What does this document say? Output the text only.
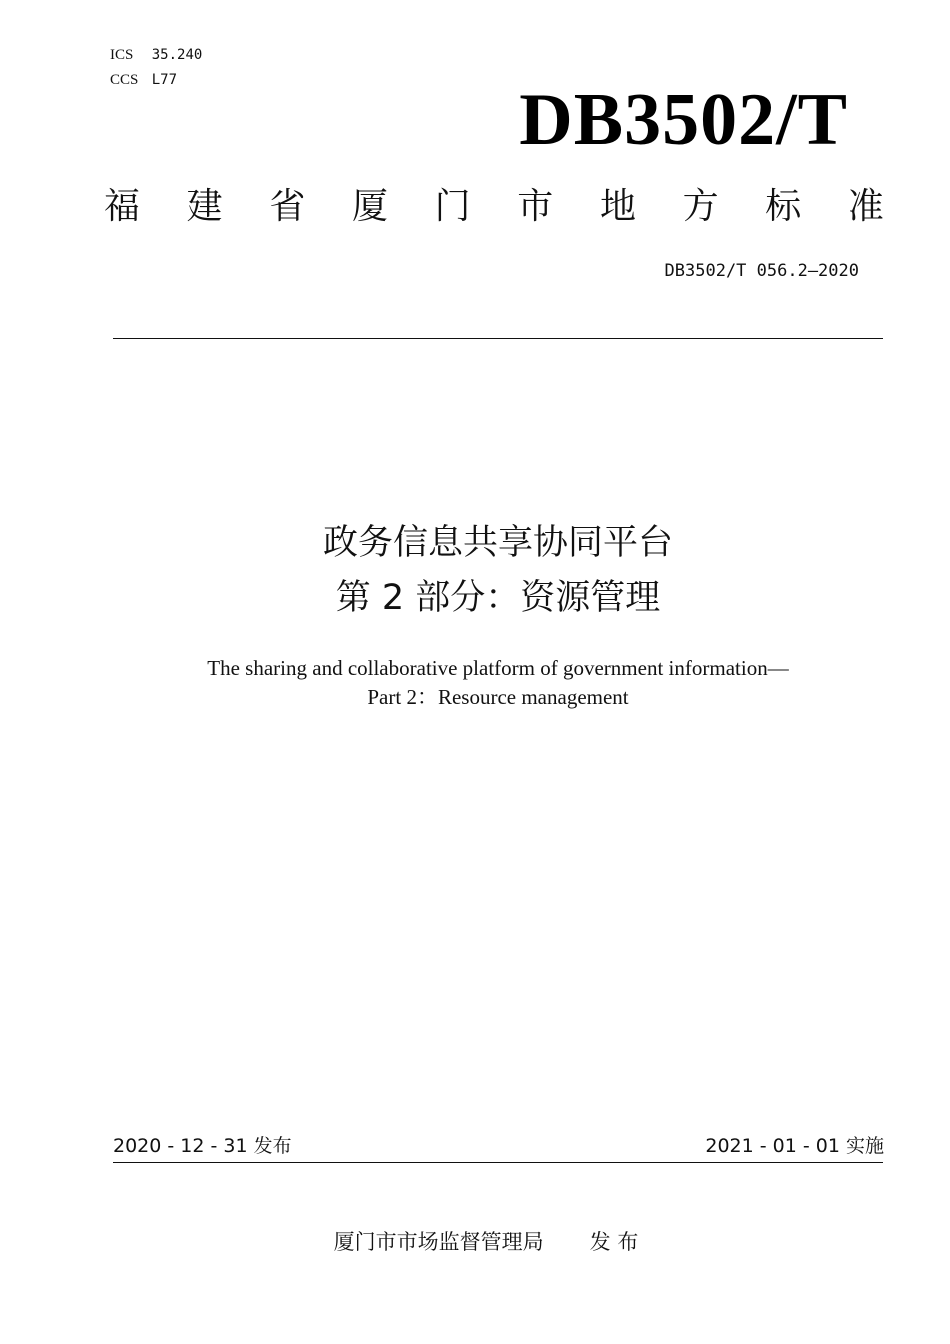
ICS 35.240
CCS L77	DB3502/T
福 建 省 厦 门 市 地 方 标 准
DB3502/T 056.2—2020
政务信息共享协同平台
第 2 部分：资源管理
The sharing and collaborative platform of government information—
Part 2：Resource management
2020 - 12 - 31 发布	2021 - 01 - 01 实施
厦门市市场监督管理局 发 布
